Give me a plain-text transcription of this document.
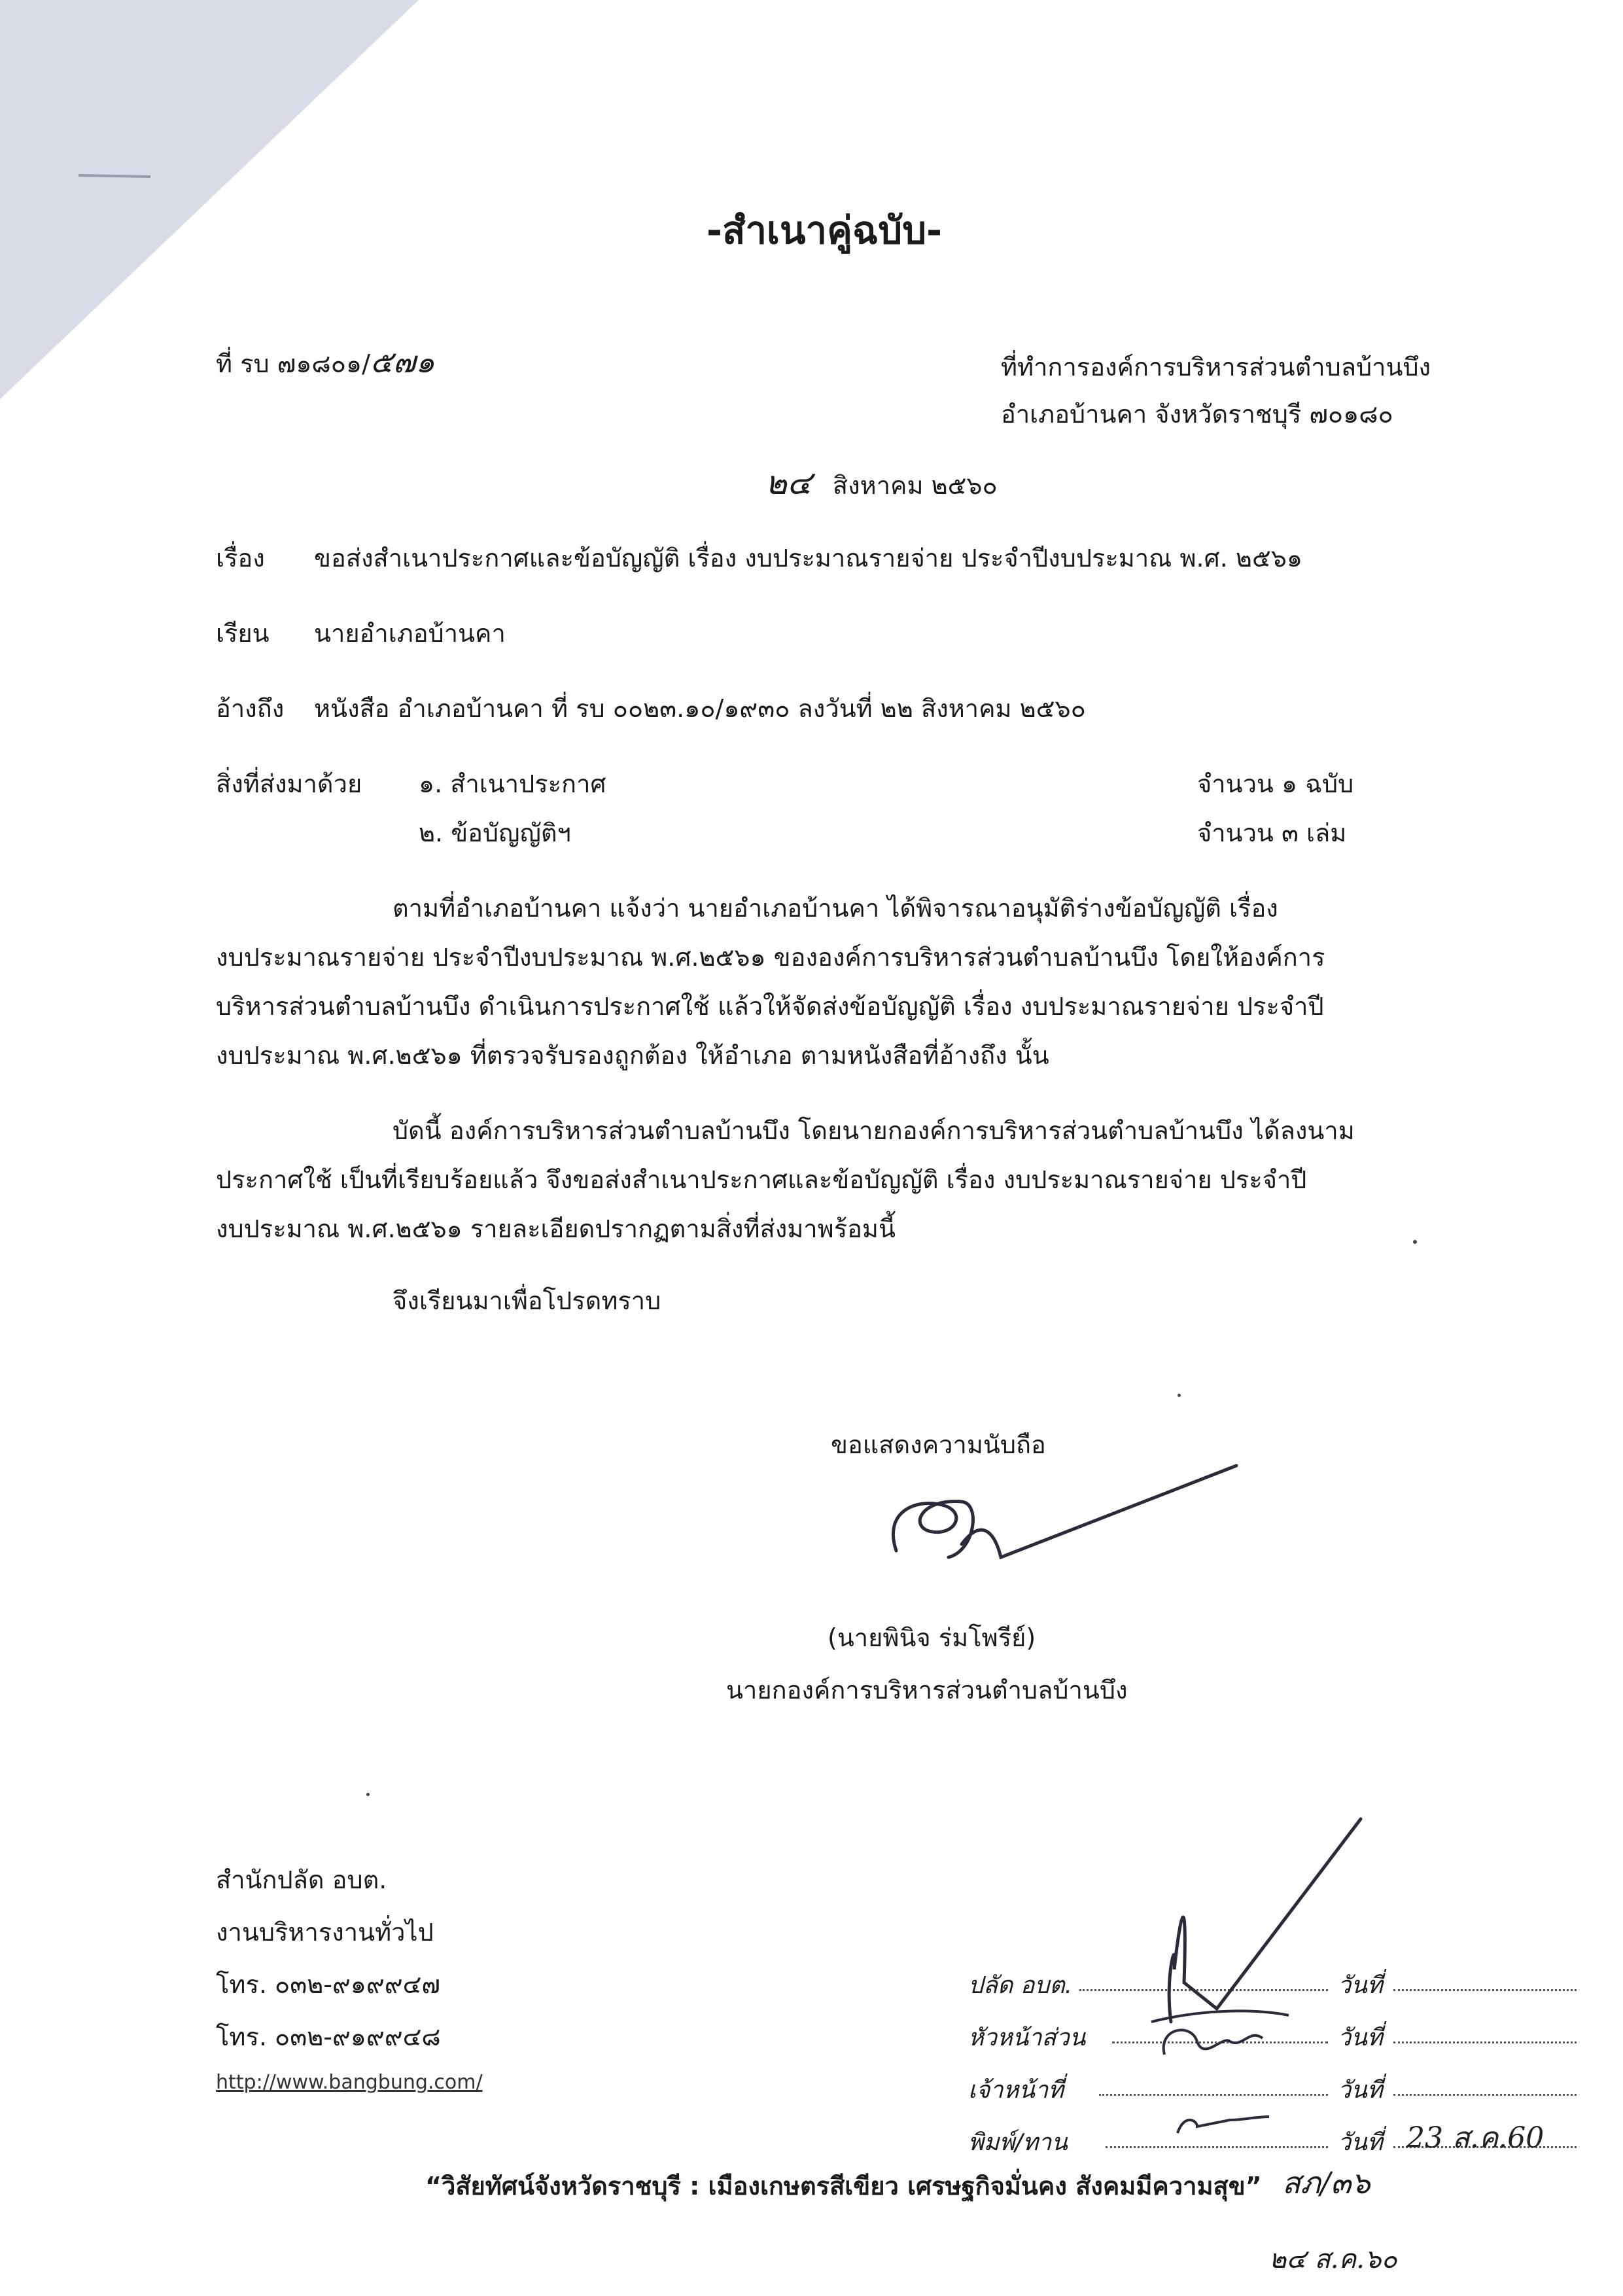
-สำเนาคู่ฉบับ-
ที่ รบ ๗๑๘๐๑/๕๗๑	ที่ทำการองค์การบริหารส่วนตำบลบ้านบึง
อำเภอบ้านคา จังหวัดราชบุรี ๗๐๑๘๐
๒๔ สิงหาคม ๒๕๖๐
เรื่อง ขอส่งสำเนาประกาศและข้อบัญญัติ เรื่อง งบประมาณรายจ่าย ประจำปีงบประมาณ พ.ศ. ๒๕๖๑
เรียน นายอำเภอบ้านคา
อ้างถึง หนังสือ อำเภอบ้านคา ที่ รบ ๐๐๒๓.๑๐/๑๙๓๐ ลงวันที่ ๒๒ สิงหาคม ๒๕๖๐
สิ่งที่ส่งมาด้วย ๑. สำเนาประกาศ	จำนวน ๑ ฉบับ
๒. ข้อบัญญัติฯ	จำนวน ๓ เล่ม
ตามที่อำเภอบ้านคา แจ้งว่า นายอำเภอบ้านคา ได้พิจารณาอนุมัติร่างข้อบัญญัติ เรื่อง
งบประมาณรายจ่าย ประจำปีงบประมาณ พ.ศ.๒๕๖๑ ขององค์การบริหารส่วนตำบลบ้านบึง โดยให้องค์การ
บริหารส่วนตำบลบ้านบึง ดำเนินการประกาศใช้ แล้วให้จัดส่งข้อบัญญัติ เรื่อง งบประมาณรายจ่าย ประจำปี
งบประมาณ พ.ศ.๒๕๖๑ ที่ตรวจรับรองถูกต้อง ให้อำเภอ ตามหนังสือที่อ้างถึง นั้น
บัดนี้ องค์การบริหารส่วนตำบลบ้านบึง โดยนายกองค์การบริหารส่วนตำบลบ้านบึง ได้ลงนาม
ประกาศใช้ เป็นที่เรียบร้อยแล้ว จึงขอส่งสำเนาประกาศและข้อบัญญัติ เรื่อง งบประมาณรายจ่าย ประจำปี
งบประมาณ พ.ศ.๒๕๖๑ รายละเอียดปรากฏตามสิ่งที่ส่งมาพร้อมนี้
จึงเรียนมาเพื่อโปรดทราบ
ขอแสดงความนับถือ
(นายพินิจ ร่มโพรีย์)
นายกองค์การบริหารส่วนตำบลบ้านบึง
สำนักปลัด อบต.
งานบริหารงานทั่วไป
โทร. ๐๓๒-๙๑๙๙๔๗
โทร. ๐๓๒-๙๑๙๙๔๘
http://www.bangbung.com/
ปลัด อบต.	วันที่
หัวหน้าส่วน	วันที่
เจ้าหน้าที่	วันที่
พิมพ์/ทาน	วันที่ 23 ส.ค.60
“วิสัยทัศน์จังหวัดราชบุรี : เมืองเกษตรสีเขียว เศรษฐกิจมั่นคง สังคมมีความสุข” สภ/๓๖
๒๔ ส.ค.๖๐
